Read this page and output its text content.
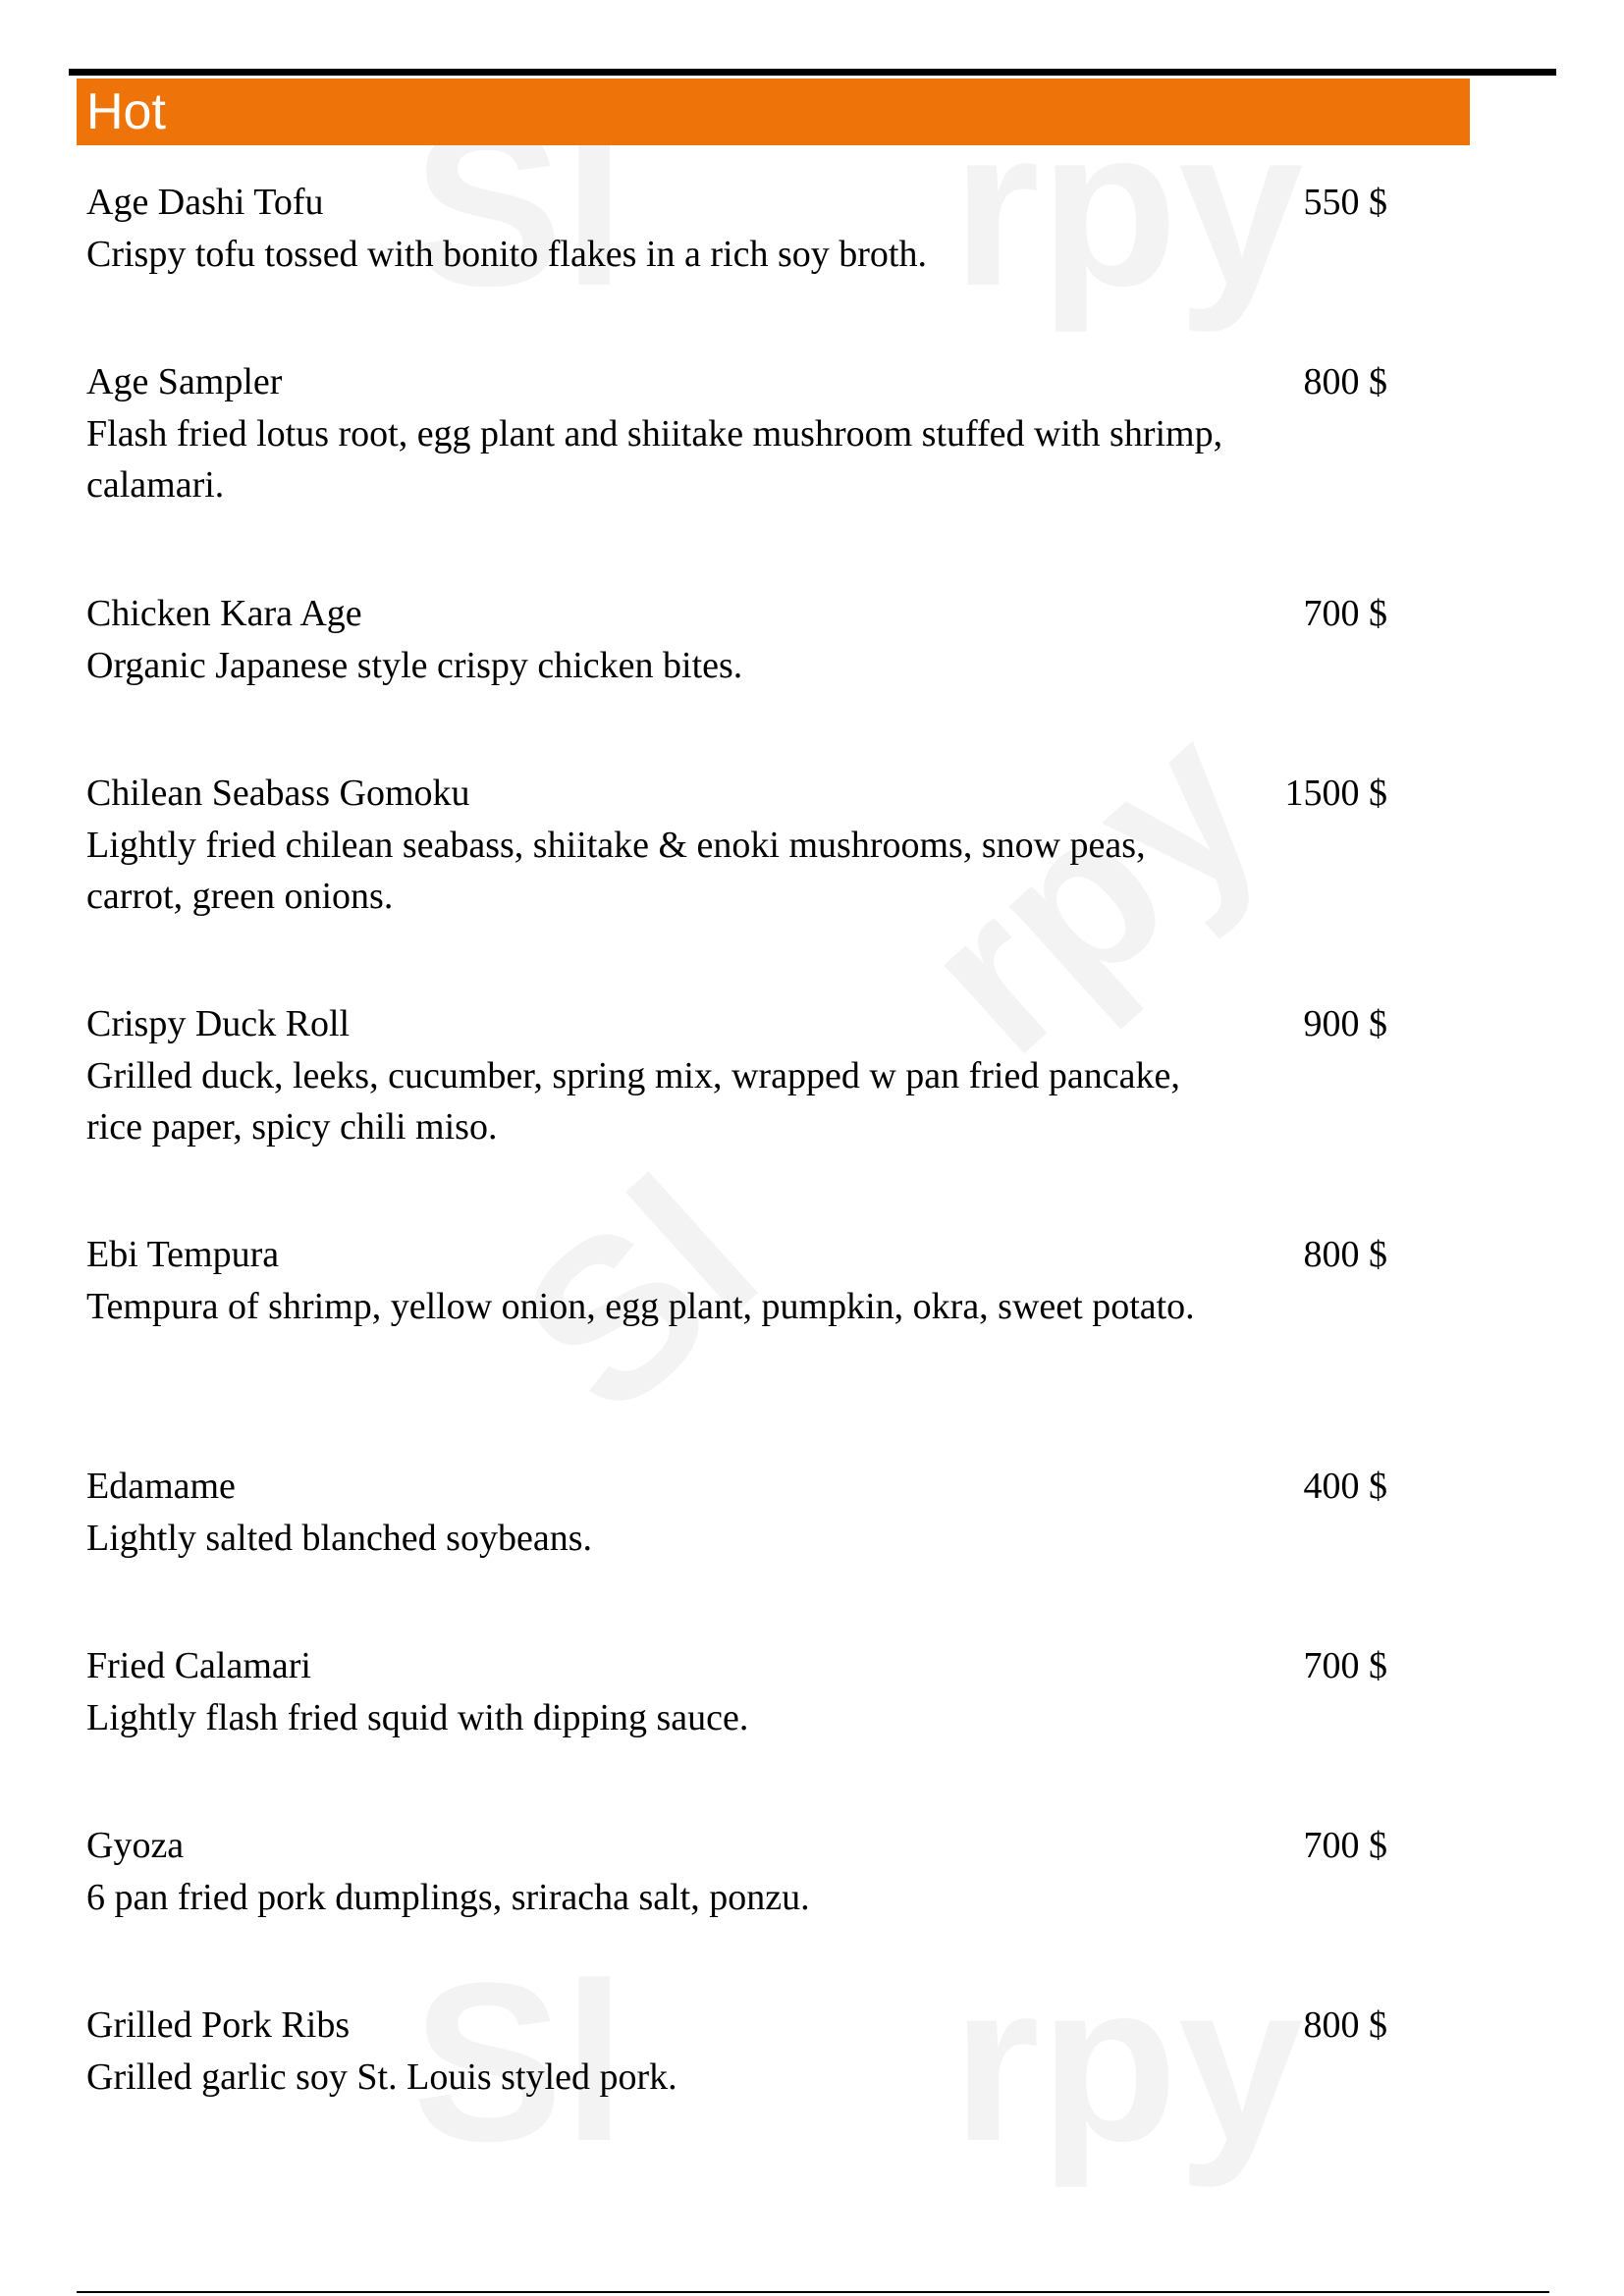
Hot
Age Dashi Tofu
Crispy tofu tossed with bonito flakes in a rich soy broth.
550 $
Age Sampler
Flash fried lotus root, egg plant and shiitake mushroom stuffed with shrimp, calamari.
800 $
Chicken Kara Age
Organic Japanese style crispy chicken bites.
700 $
Chilean Seabass Gomoku
Lightly fried chilean seabass, shiitake & enoki mushrooms, snow peas, carrot, green onions.
1500 $
Crispy Duck Roll
Grilled duck, leeks, cucumber, spring mix, wrapped w pan fried pancake, rice paper, spicy chili miso.
900 $
Ebi Tempura
Tempura of shrimp, yellow onion, egg plant, pumpkin, okra, sweet potato.
800 $
Edamame
Lightly salted blanched soybeans.
400 $
Fried Calamari
Lightly flash fried squid with dipping sauce.
700 $
Gyoza
6 pan fried pork dumplings, sriracha salt, ponzu.
700 $
Grilled Pork Ribs
Grilled garlic soy St. Louis styled pork.
800 $
